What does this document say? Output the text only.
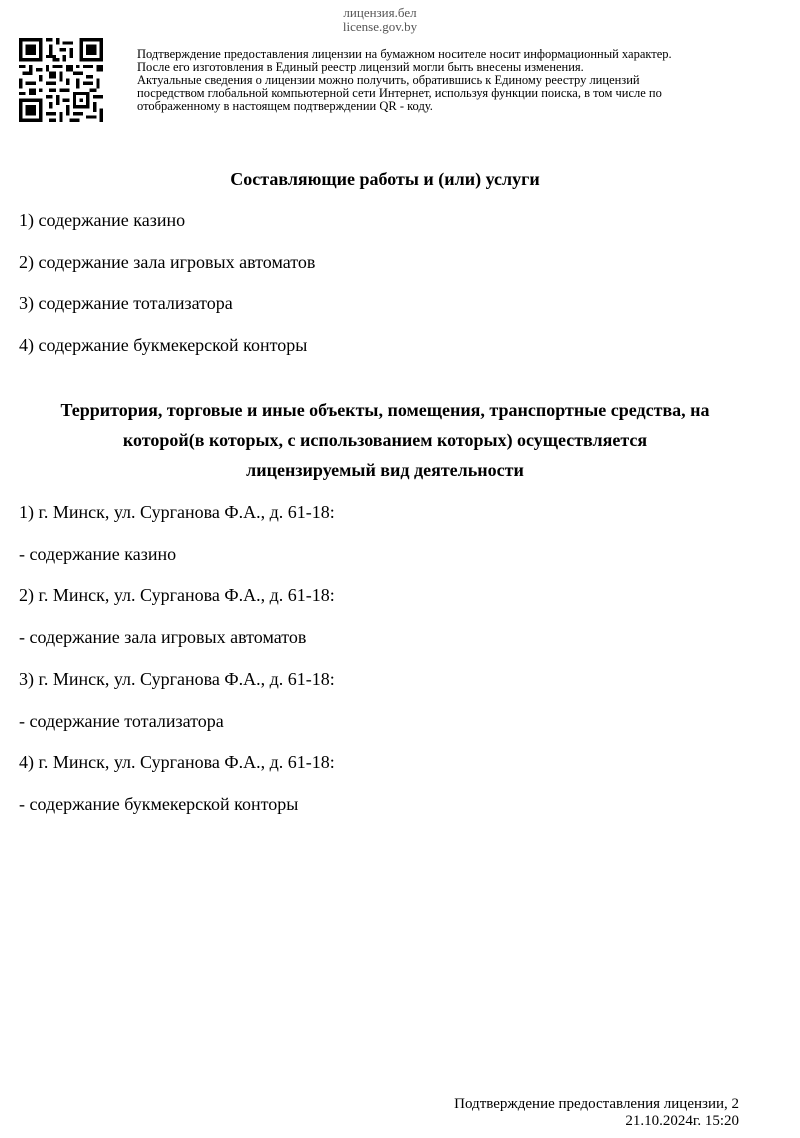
лицензия.бел
license.gov.by
Подтверждение предоставления лицензии на бумажном носителе носит информационный характер.
После его изготовления в Единый реестр лицензий могли быть внесены изменения.
Актуальные сведения о лицензии можно получить, обратившись к Единому реестру лицензий
посредством глобальной компьютерной сети Интернет, используя функции поиска, в том числе по
отображенному в настоящем подтверждении QR - коду.
Составляющие работы и (или) услуги
1) содержание казино
2) содержание зала игровых автоматов
3) содержание тотализатора
4) содержание букмекерской конторы
Территория, торговые и иные объекты, помещения, транспортные средства, на
которой(в которых, с использованием которых) осуществляется
лицензируемый вид деятельности
1) г. Минск, ул. Сурганова Ф.А., д. 61-18:
- содержание казино
2) г. Минск, ул. Сурганова Ф.А., д. 61-18:
- содержание зала игровых автоматов
3) г. Минск, ул. Сурганова Ф.А., д. 61-18:
- содержание тотализатора
4) г. Минск, ул. Сурганова Ф.А., д. 61-18:
- содержание букмекерской конторы
Подтверждение предоставления лицензии, 2
21.10.2024г. 15:20
